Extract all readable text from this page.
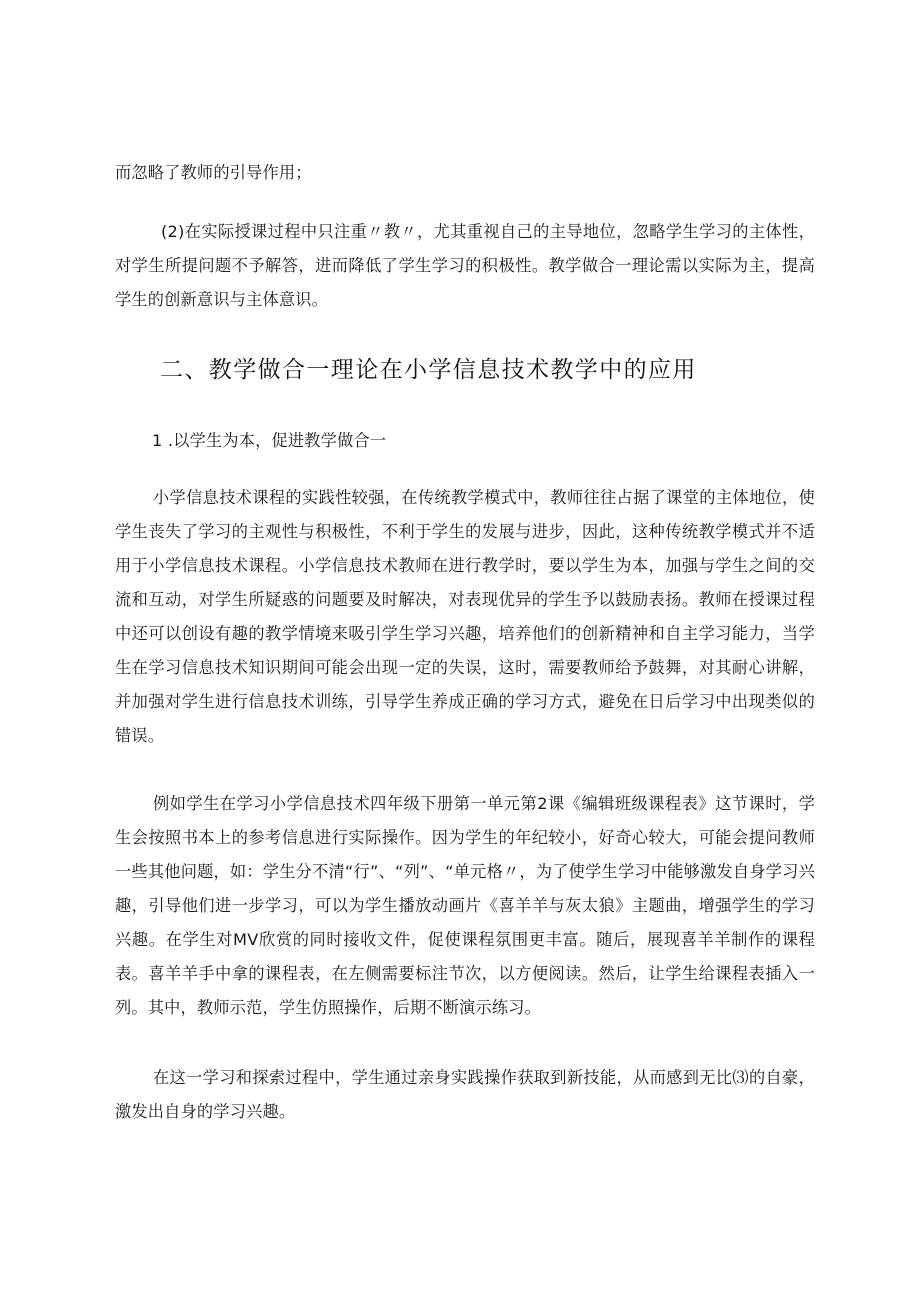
而忽略了教师的引导作用；

(2)在实际授课过程中只注重〃教〃，尤其重视自己的主导地位，忽略学生学习的主体性，对学生所提问题不予解答，进而降低了学生学习的积极性。教学做合一理论需以实际为主，提高学生的创新意识与主体意识。

二、教学做合一理论在小学信息技术教学中的应用

1 .以学生为本，促进教学做合一

小学信息技术课程的实践性较强，在传统教学模式中，教师往往占据了课堂的主体地位，使学生丧失了学习的主观性与积极性，不利于学生的发展与进步，因此，这种传统教学模式并不适用于小学信息技术课程。小学信息技术教师在进行教学时，要以学生为本，加强与学生之间的交流和互动，对学生所疑惑的问题要及时解决，对表现优异的学生予以鼓励表扬。教师在授课过程中还可以创设有趣的教学情境来吸引学生学习兴趣，培养他们的创新精神和自主学习能力，当学生在学习信息技术知识期间可能会出现一定的失误，这时，需要教师给予鼓舞，对其耐心讲解，并加强对学生进行信息技术训练，引导学生养成正确的学习方式，避免在日后学习中出现类似的错误。

例如学生在学习小学信息技术四年级下册第一单元第2课《编辑班级课程表》这节课时，学生会按照书本上的参考信息进行实际操作。因为学生的年纪较小，好奇心较大，可能会提问教师一些其他问题，如：学生分不清“行”、“列”、“单元格〃，为了使学生学习中能够激发自身学习兴趣，引导他们进一步学习，可以为学生播放动画片《喜羊羊与灰太狼》主题曲，增强学生的学习兴趣。在学生对MV欣赏的同时接收文件，促使课程氛围更丰富。随后，展现喜羊羊制作的课程表。喜羊羊手中拿的课程表，在左侧需要标注节次，以方便阅读。然后，让学生给课程表插入一列。其中，教师示范，学生仿照操作，后期不断演示练习。

在这一学习和探索过程中，学生通过亲身实践操作获取到新技能，从而感到无比⑶的自豪，激发出自身的学习兴趣。
